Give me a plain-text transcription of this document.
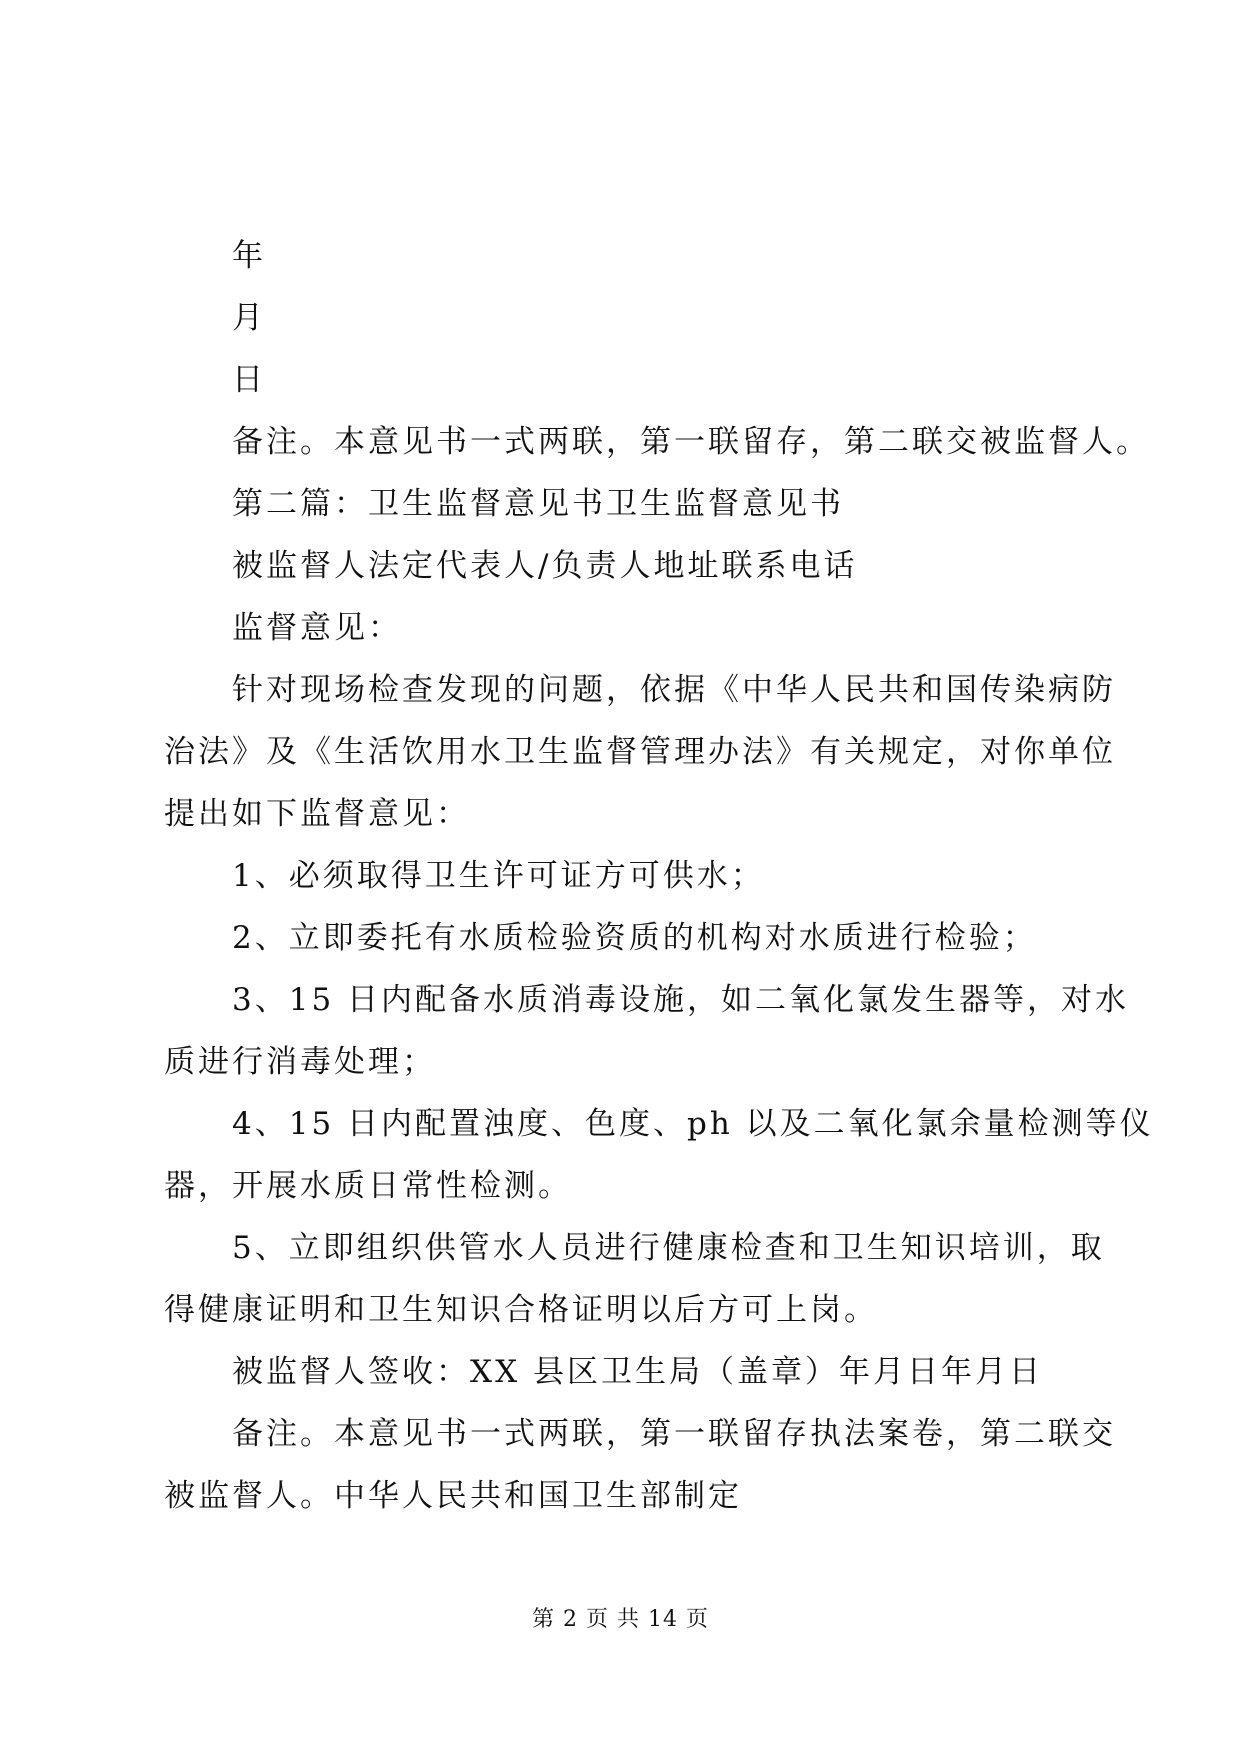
年
月
日
备注。本意见书一式两联，第一联留存，第二联交被监督人。
第二篇：卫生监督意见书卫生监督意见书
被监督人法定代表人/负责人地址联系电话
监督意见：
针对现场检查发现的问题，依据《中华人民共和国传染病防
治法》及《生活饮用水卫生监督管理办法》有关规定，对你单位
提出如下监督意见：
1、必须取得卫生许可证方可供水；
2、立即委托有水质检验资质的机构对水质进行检验；
3、15 日内配备水质消毒设施，如二氧化氯发生器等，对水
质进行消毒处理；
4、15 日内配置浊度、色度、ph 以及二氧化氯余量检测等仪
器，开展水质日常性检测。
5、立即组织供管水人员进行健康检查和卫生知识培训，取
得健康证明和卫生知识合格证明以后方可上岗。
被监督人签收：XX 县区卫生局（盖章）年月日年月日
备注。本意见书一式两联，第一联留存执法案卷，第二联交
被监督人。中华人民共和国卫生部制定
第 2 页 共 14 页
